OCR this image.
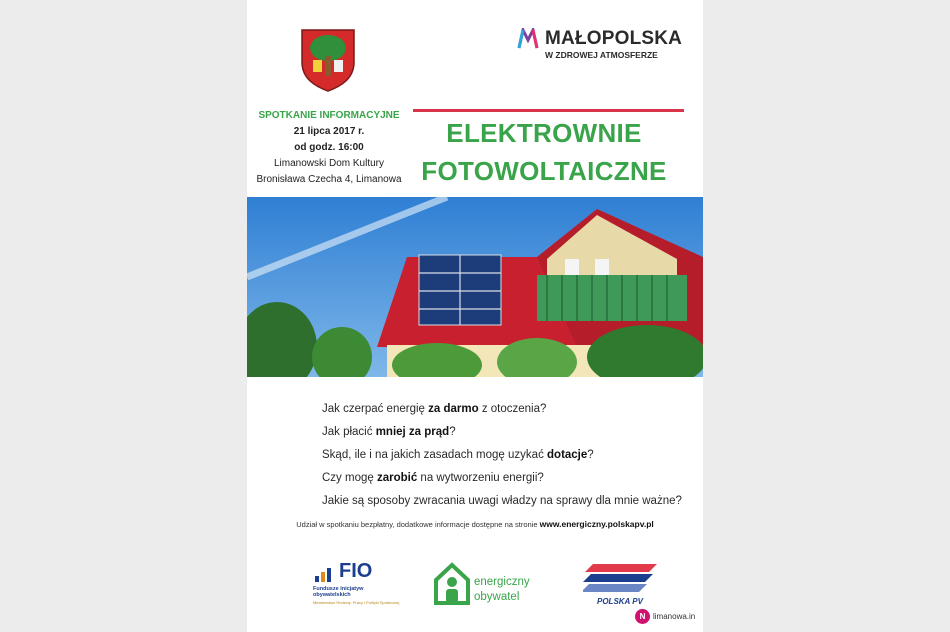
MAŁOPOLSKA
W ZDROWEJ ATMOSFERZE
SPOTKANIE INFORMACYJNE
21 lipca 2017 r.
od godz. 16:00
Limanowski Dom Kultury
Bronisława Czecha 4, Limanowa
ELEKTROWNIE
FOTOWOLTAICZNE
Jak czerpać energię za darmo z otoczenia?
Jak płacić mniej za prąd?
Skąd, ile i na jakich zasadach mogę uzykać dotacje?
Czy mogę zarobić na wytworzeniu energii?
Jakie są sposoby zwracania uwagi władzy na sprawy dla mnie ważne?
Udział w spotkaniu bezpłatny, dodatkowe informacje dostępne na stronie www.energiczny.polskapv.pl
FIO
Fundusze inicjatyw
obywatelskich
Ministerstwo Rodziny, Pracy i Polityki Społecznej
energiczny
obywatel	POLSKA PV
N limanowa.in
